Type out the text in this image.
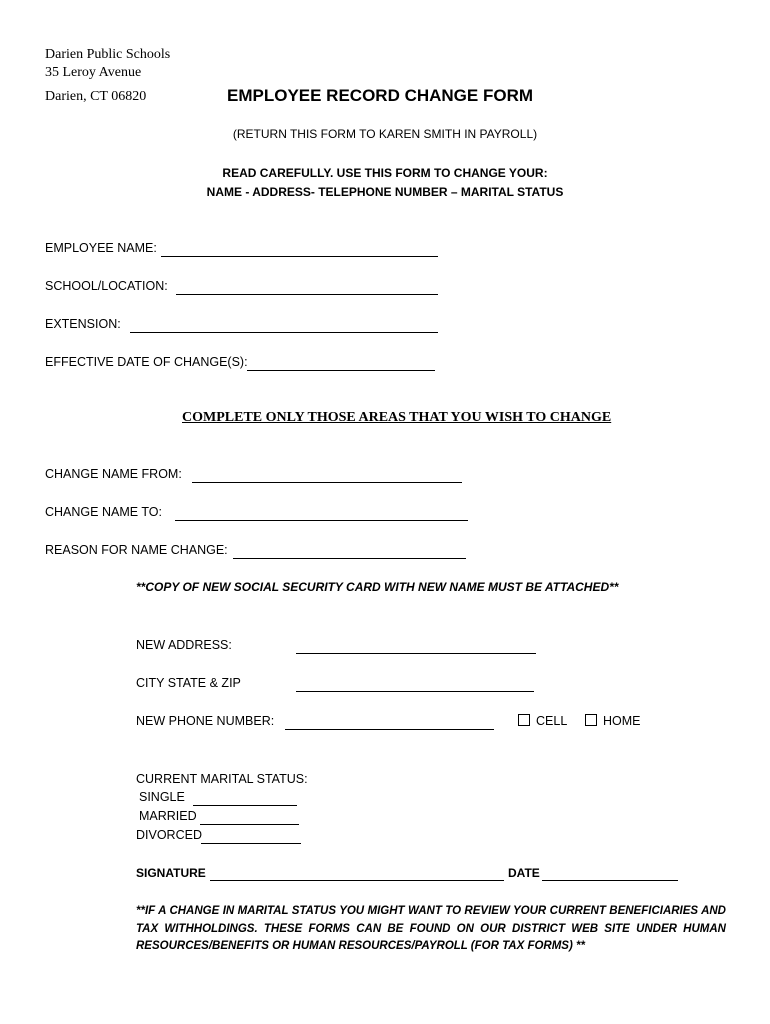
Darien Public Schools
35 Leroy Avenue
Darien, CT 06820	EMPLOYEE RECORD CHANGE FORM
(RETURN THIS FORM TO KAREN SMITH IN PAYROLL)
READ CAREFULLY. USE THIS FORM TO CHANGE YOUR:
NAME - ADDRESS- TELEPHONE NUMBER – MARITAL STATUS
EMPLOYEE NAME:
SCHOOL/LOCATION:
EXTENSION:
EFFECTIVE DATE OF CHANGE(S):
COMPLETE ONLY THOSE AREAS THAT YOU WISH TO CHANGE
CHANGE NAME FROM:
CHANGE NAME TO:
REASON FOR NAME CHANGE:
**COPY OF NEW SOCIAL SECURITY CARD WITH NEW NAME MUST BE ATTACHED**
NEW ADDRESS:
CITY STATE & ZIP
NEW PHONE NUMBER:	CELL	HOME
CURRENT MARITAL STATUS:
SINGLE
MARRIED
DIVORCED
SIGNATURE	DATE
**IF A CHANGE IN MARITAL STATUS YOU MIGHT WANT TO REVIEW YOUR CURRENT BENEFICIARIES AND TAX WITHHOLDINGS. THESE FORMS CAN BE FOUND ON OUR DISTRICT WEB SITE UNDER HUMAN RESOURCES/BENEFITS OR HUMAN RESOURCES/PAYROLL (FOR TAX FORMS) **
